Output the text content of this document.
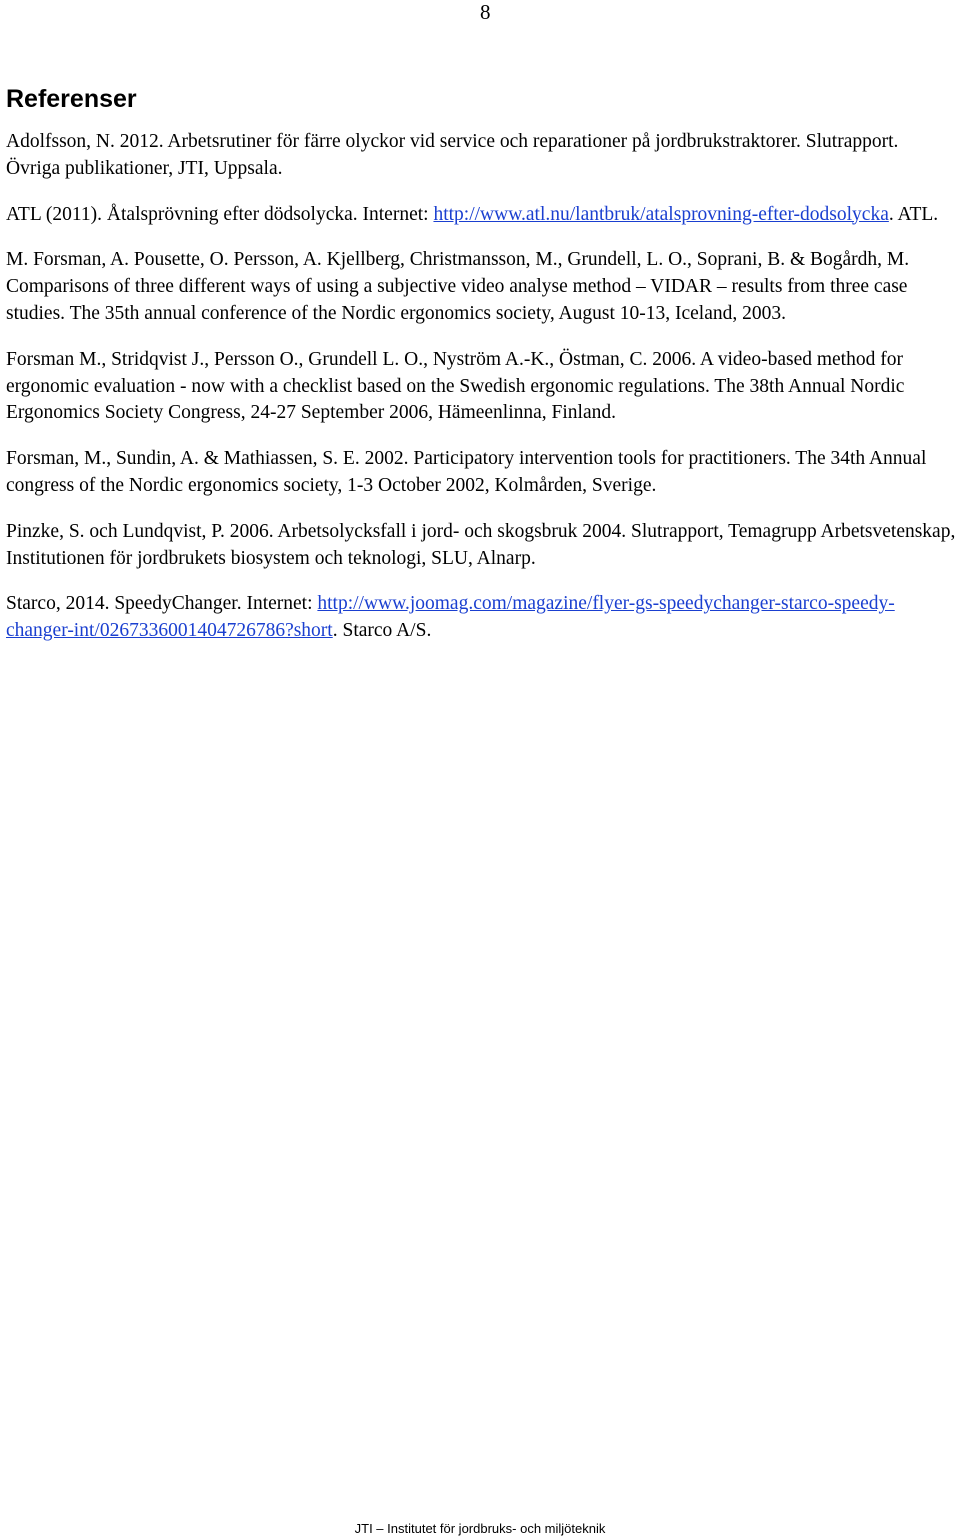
8
Referenser

Adolfsson, N. 2012. Arbetsrutiner för färre olyckor vid service och reparationer på jordbrukstraktorer. Slutrapport. Övriga publikationer, JTI, Uppsala.

ATL (2011). Åtalsprövning efter dödsolycka. Internet: http://www.atl.nu/lantbruk/atalsprovning-efter-dodsolycka. ATL.

M. Forsman, A. Pousette, O. Persson, A. Kjellberg, Christmansson, M., Grundell, L. O., Soprani, B. & Bogårdh, M. Comparisons of three different ways of using a subjective video analyse method – VIDAR – results from three case studies. The 35th annual conference of the Nordic ergonomics society, August 10-13, Iceland, 2003.

Forsman M., Stridqvist J., Persson O., Grundell L. O., Nyström A.-K., Östman, C. 2006. A video-based method for ergonomic evaluation - now with a checklist based on the Swedish ergonomic regulations. The 38th Annual Nordic Ergonomics Society Congress, 24-27 September 2006, Hämeenlinna, Finland.

Forsman, M., Sundin, A. & Mathiassen, S. E. 2002. Participatory intervention tools for practitioners. The 34th Annual congress of the Nordic ergonomics society, 1-3 October 2002, Kolmården, Sverige.

Pinzke, S. och Lundqvist, P. 2006. Arbetsolycksfall i jord- och skogsbruk 2004. Slutrapport, Temagrupp Arbetsvetenskap, Institutionen för jordbrukets biosystem och teknologi, SLU, Alnarp.

Starco, 2014. SpeedyChanger. Internet: http://www.joomag.com/magazine/flyer-gs-speedychanger-starco-speedy-changer-int/0267336001404726786?short. Starco A/S.

JTI – Institutet för jordbruks- och miljöteknik
